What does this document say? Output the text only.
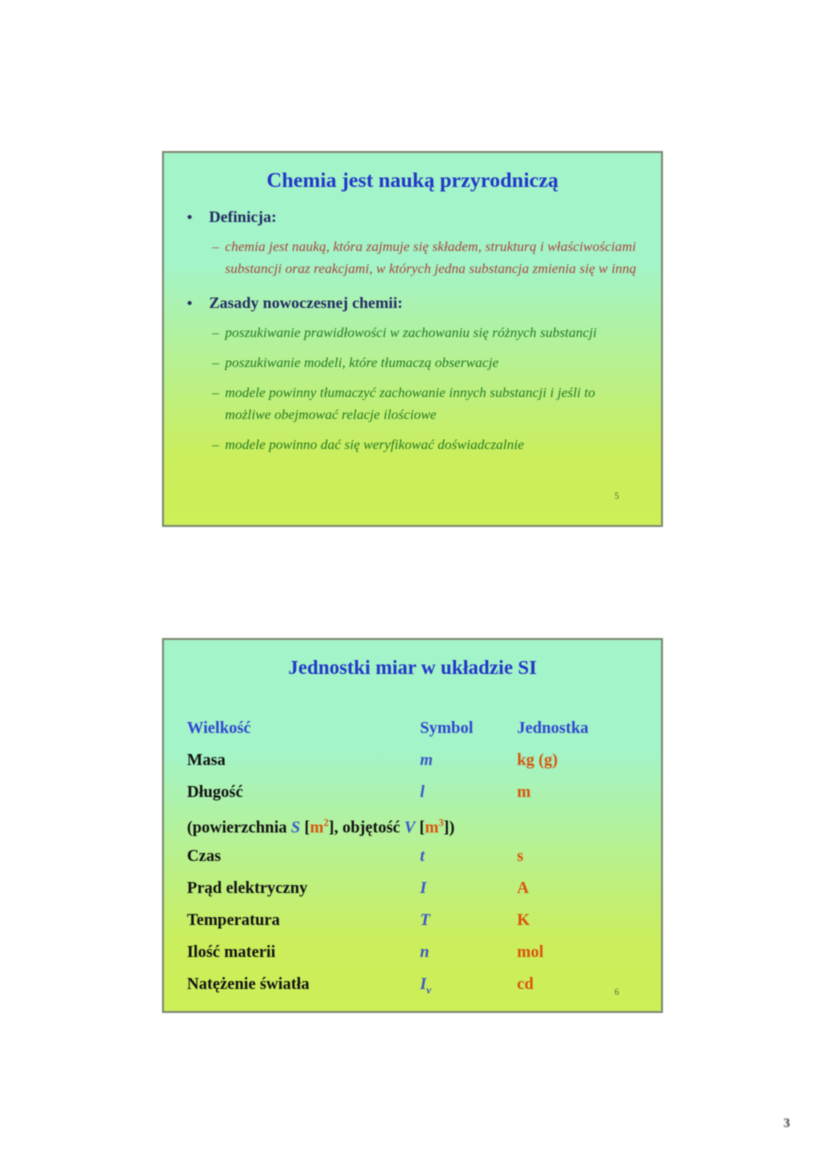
Chemia jest nauką przyrodniczą
•	Definicja:
– chemia jest nauką, która zajmuje się składem, strukturą i właściwościami substancji oraz reakcjami, w których jedna substancja zmienia się w inną
•	Zasady nowoczesnej chemii:
– poszukiwanie prawidłowości w zachowaniu się różnych substancji
– poszukiwanie modeli, które tłumaczą obserwacje
– modele powinny tłumaczyć zachowanie innych substancji i jeśli to możliwe obejmować relacje ilościowe
– modele powinno dać się weryfikować doświadczalnie
5
Jednostki miar w układzie SI
Wielkość	Symbol	Jednostka
Masa	m	kg (g)
Długość	l	m
(powierzchnia S $[m^2]$, objętość V $[m^3]$)
Czas	t	s
Prąd elektryczny	I	A
Temperatura	T	K
Ilość materii	n	mol
Natężenie światła	$I_v$	cd	6
3
